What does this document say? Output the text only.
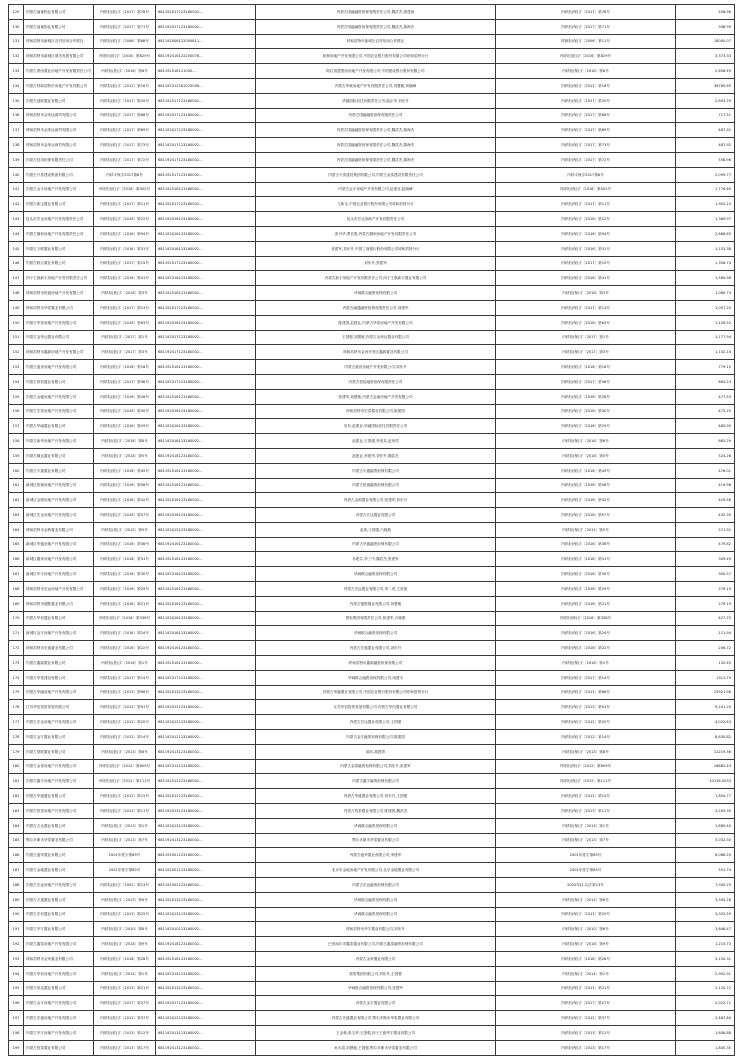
129	内蒙古福巢物业有限公司	内呼担(抵)字〔2017〕第78号	681192017123180002...	内蒙古国融融资担保有限责任公司,魏武杰,黄建涛	内呼担(保)字〔2017〕第78号	558.96
130	内蒙古福巢物业有限公司	内呼担(抵)字〔2017〕第71号	681192017123180002...	内蒙古国融融资担保有限责任公司,魏武杰,陈海杰	内呼担(保)字〔2017〕第71号	398.99
131	呼和浩特市新城区农村信用合作联社	内呼担(抵)字〔2006〕第88号	681192006122000811...	呼和浩特市新城区农村信用合作联社	呼商担(保)字〔2006〕第11号	18000.07
132	呼和浩特市新城区城市发展有限公司	内呼担(抵)字〔2016〕第829号	681192016122200076...	乾坤房地产开发有限公司,中国农业银行股份有限公司呼和浩特分行	内呼担(抵)字〔2016〕第829号	3,373.33
133	内蒙古蒙西置业房地产开发有限责任公司	内呼担(抵)字〔2018〕第8号	681192018121000...	阿拉善盟蒙西房地产开发有限公司,中国建设银行股份有限公司	内呼担(保)字〔2018〕第8号	2,656.49
134	内蒙古呼和浩特市房地产开发有限公司	内呼担(抵)字〔2012〕第16号	681192012181070008...	内蒙古华威房地产开发有限责任公司,刘慧敏,刘晓峰	内呼担(保)字〔2012〕第16号	36765.65
135	内蒙古创联置业有限公司	内呼担(抵)字〔2017〕第20号	681192017123180002...	华融国际信托有限责任公司,陆正华,刘东升	内呼担(保)字〔2017〕第20号	2,803.29
136	呼和浩特市金荣达商贸有限公司	内呼担(抵)字〔2017〕第68号	681192017123180002...	内蒙古国融融资担保有限责任公司	内呼担(保)字〔2017〕第68号	717.51
137	呼和浩特市金荣达商贸有限公司	内呼担(抵)字〔2017〕第69号	681192017123180002...	内蒙古国融融资担保有限责任公司,魏武杰,陈海杰	内呼担(保)字〔2017〕第69号	487.92
138	呼和浩特市金荣达商贸有限公司	内呼担(抵)字〔2017〕第73号	681192017123180002...	内蒙古国融融资担保有限责任公司,魏武杰,陈海杰	内呼担(保)字〔2017〕第73号	487.92
139	内蒙古信用担保有限责任公司	内呼担(抵)字〔2017〕第72号	681192017123180002...	内蒙古国融融资担保有限责任公司,魏武杰,陈海杰	内呼担(保)字〔2017〕第72号	558.96
140	内蒙古兴泰建设集团有限公司	内呼丰保字2017第8号	681192017123180002...	内蒙古兴泰建设集团有限公司,内蒙古金泰建设有限责任公司	内呼丰保字2017第8号	2,099.77
141	内蒙古金宇房地产开发有限公司	内呼担(抵)字〔2018〕第002号	681192018123180002...	内蒙古金宇房地产开发有限公司,赵建业,赵晓峰	内呼担(保)字〔2018〕第002号	1,776.65
142	内蒙古新宝置业有限公司	内呼担(抵)字〔2017〕第11号	681192017123180002...	王新宝,中国农业银行股份有限公司呼和浩特分行	内呼担(保)字〔2017〕第11号	1,902.15
143	包头市宏达房地产开发有限责任公司	内呼担(抵)字〔2016〕第22号	681192016123180002...	包头市宏达房地产开发有限责任公司	内呼担(保)字〔2016〕第22号	1,389.97
144	内蒙古顺和房地产开发有限责任公司	内呼担(抵)字〔2016〕第94号	681192016123180002...	张丹华,贾长胜,内蒙古顺和房地产开发有限责任公司	内呼担(保)字〔2016〕第94号	2,666.65
145	内蒙古万联置业有限公司	内呼担(抵)字〔2016〕第31号	681192016123180002...	张建军,刘东升,中国工商银行股份有限公司呼和浩特分行	内呼担(保)字〔2016〕第31号	1,153.38
146	内蒙古联合置业有限公司	内呼担(抵)字〔2017〕第15号	681192017123180002...	刘东升,张建军	内呼担(保)字〔2017〕第15号	1,356.74
147	四子王旗新宇房地产开发有限责任公司	内呼担(抵)字〔2016〕第41号	681192016123180002...	内蒙古新宇房地产开发有限责任公司,四子王旗新宇置业有限公司	内呼担(保)字〔2016〕第41号	1,560.98
148	呼和浩特市恒盛房地产开发有限公司	内呼担(抵)字〔2018〕第3号	681192018123180002...	华诚联合融资担保有限公司	内呼担(保)字〔2018〕第3号	1,089.74
149	呼和浩特市华泰置业有限公司	内呼担(抵)字〔2017〕第13号	681192017123180002...	内蒙古融通融资担保有限责任公司,刘建华	内呼担(保)字〔2017〕第13号	1,057.20
150	内蒙古华泰房地产开发有限公司	内呼担(抵)字〔2016〕第63号	681192016123180002...	陈建国,赵建业,内蒙古华泰房地产开发有限公司	内呼担(保)字〔2016〕第63号	1,156.52
151	内蒙古金荣达置业有限公司	内呼担(抵)字〔2017〕第1号	681192017123180002...	王国强,刘慧敏,内蒙古金荣达置业有限公司	内呼担(保)字〔2017〕第1号	1,177.94
152	呼和浩特市鑫源房地产开发有限公司	内呼担(抵)字〔2017〕第3号	681192017123180002...	呼和浩特市金河开发区鑫源置业有限公司	内呼担(保)字〔2017〕第3号	1,132.14
153	内蒙古盛世房地产开发有限公司	内呼担(抵)字〔2016〕第18号	681192016123180002...	内蒙古盛世房地产开发有限公司,刘东升	内呼担(保)字〔2016〕第18号	779.15
154	内蒙古恒信置业有限公司	内呼担(抵)字〔2017〕第36号	681192017123180002...	内蒙古恒信融资担保有限责任公司	内呼担(保)字〔2017〕第36号	663.23
155	内蒙古金地房地产开发有限公司	内呼担(抵)字〔2016〕第28号	681192016123180002...	张建军,刘慧敏,内蒙古金地房地产开发有限公司	内呼担(保)字〔2016〕第28号	477.53
156	内蒙古宏泰房地产开发有限公司	内呼担(抵)字〔2016〕第30号	681192016123180002...	呼和浩特市宏泰置业有限公司,陈建国	内呼担(保)字〔2016〕第30号	473.25
157	内蒙古华融置业有限公司	内呼担(抵)字〔2016〕第29号	681192016123180002...	吴东,赵建业,华融国际信托有限责任公司	内呼担(保)字〔2016〕第29号	485.95
158	内蒙古新华房地产开发有限公司	内呼担(抵)字〔2016〕第8号	681192016123180002...	赵建业,王国强,李美英,赵贵奖	内呼担(保)字〔2016〕第8号	665.29
159	内蒙古顺达置业有限公司	内呼担(抵)字〔2018〕第5号	681192018123180002...	赵建业,李建华,刘东升,魏武杰	内呼担(保)字〔2018〕第5号	524.26
160	内蒙古宇通置业有限公司	内呼担(抵)字〔2016〕第49号	681192016123180002...	内蒙古宇通融资担保有限公司	内呼担(保)字〔2016〕第49号	476.01
161	新城区恒瑞房地产开发有限公司	内呼担(抵)字〔2016〕第58号	681192016123180002...	内蒙古恒瑞融资担保有限公司	内呼担(保)字〔2016〕第58号	419.98
162	新城区金源房地产开发有限公司	内呼担(抵)字〔2016〕第42号	681192016123180002...	内蒙古金源置业有限公司,张建军,刘东升	内呼担(保)字〔2016〕第42号	419.58
163	新城区宏达房地产开发有限公司	内呼担(抵)字〔2016〕第57号	681192016123180002...	内蒙古宏达置业有限公司	内呼担(保)字〔2016〕第57号	432.35
164	呼和浩特市金桥置业有限公司	内呼担(抵)字〔2015〕第5号	681192015123180002...	赵贵,王国强,白晓燕	内呼担(保)字〔2015〕第5号	571.92
165	新城区华盛房地产开发有限公司	内呼担(抵)字〔2016〕第36号	681192016123180002...	内蒙古华盛融资担保有限公司	内呼担(保)字〔2016〕第36号	479.82
166	新城区鑫荣房地产开发有限公司	内呼担(抵)字〔2018〕第31号	681192018123180002...	乔建芬,李三中,魏武杰,张建军	内呼担(保)字〔2018〕第31号	309.49
167	新城区华宇房地产开发有限公司	内呼担(抵)字〔2016〕第30号	681192016123180002...	华诚联合融资担保有限公司	内呼担(保)字〔2016〕第30号	300.57
168	呼和浩特市宏远房地产开发有限公司	内呼担(抵)字〔2016〕第29号	681192016123180002...	内蒙古宏远置业有限公司,李二虎,王爱莲	内呼担(保)字〔2016〕第29号	279.19
169	呼和浩特市德胜置业有限公司	内呼担(抵)字〔2016〕第21号	681192016123180002...	内蒙古德胜置业有限公司,刘慧敏	内呼担(保)字〔2016〕第21号	279.19
170	内蒙古华信置业有限公司	内呼担(抵)字〔2016〕第338号	681192016123180002...	蒙电集团有限责任公司,张建军,白晓燕	内呼担(保)字〔2016〕第338号	427.75
171	新城区金宇房地产开发有限公司	内呼担(抵)字〔2016〕第24号	681192016123180002...	华诚联合融资担保有限公司	内呼担(保)字〔2016〕第24号	111.94
172	呼和浩特市宏盛置业有限公司	内呼担(抵)字〔2016〕第22号	681192016123180002...	内蒙古宏盛置业有限公司,刘东升	内呼担(保)字〔2016〕第22号	206.72
173	内蒙古鑫源置业有限公司	内呼担(抵)字〔2016〕第1号	681192016123180002...	呼和浩特市鑫源融资担保有限公司	内呼担(保)字〔2016〕第1号	132.45
174	内蒙古华泰建设有限公司	内呼担(抵)字〔2017〕第14号	681192017123180002...	华诚联合融资担保有限公司,周建平	内呼担(保)字〔2017〕第14号	1311.70
175	内蒙古华融房地产开发有限公司	内呼担(抵)字〔2013〕第66号	681192013123180002...	内蒙古华融置业有限公司,中国农业银行股份有限公司呼和浩特分行	内呼担(保)字〔2013〕第66号	23921.98
176	江苏华信投资发展有限公司	内呼担(抵)字〔2012〕第91号	681192012123180002...	江苏华信投资发展有限公司,内蒙古华信置业有限公司	内呼担(保)字〔2012〕第91号	9,241.20
177	内蒙古宏达房地产开发有限公司	内呼担(抵)字〔2012〕第20号	681192012123180002...	内蒙古宏达置业有限公司,王国强	内呼担(保)字〔2012〕第20号	4,022.43
178	内蒙古金宇置业有限公司	内呼担(抵)字〔2012〕第14号	681192012123180002...	内蒙古金宇融资担保有限公司,陈建国	内呼担(保)字〔2012〕第14号	8,630.82
179	内蒙古蒙联置业有限公司	内呼担(抵)字〔2013〕第8号	681192013123180002...	那布,胡建青	内呼担(保)字〔2013〕第8号	12219.36
180	内蒙古金泰房地产开发有限公司	内呼担(抵)字〔2012〕第609号	681192012123180002...	内蒙古金泰融资担保有限公司,刘东升,张建军	内呼担(保)字〔2012〕第609号	18682.43
181	内蒙古鑫宇房地产开发有限公司	内呼担(抵)字〔2012〕第111号	681192012123180002...	内蒙古鑫宇融资担保有限公司	内呼担(保)字〔2012〕第111号	10126.5033
182	内蒙古华盛置业有限公司	内呼担(抵)字〔2012〕第15号	681192012123180002...	内蒙古华盛置业有限公司,刘东升,王国强	内呼担(保)字〔2012〕第15号	1,854.77
183	内蒙古恒泰房地产开发有限公司	内呼担(抵)字〔2013〕第11号	681192013123180002...	内蒙古恒泰置业有限公司,陈建国,魏武杰	内呼担(保)字〔2013〕第11号	3,205.35
184	内蒙古万达置业有限公司	内呼担(抵)字〔2013〕第1号	681192013123180002...	华诚联合融资担保有限公司	内呼担(保)字〔2013〕第1号	1,689.40
185	鄂尔多斯市华泰置业有限公司	内呼担(抵)字〔2013〕第7号	681192013123180002...	鄂尔多斯市华泰置业有限公司	内呼担(保)字〔2013〕第7号	5,032.30
186	内蒙古盛华置业有限公司	2001年度字第65号	681192001123180002...	内蒙古盛华置业有限公司,李建华	2001年度字第65号	6,086.20
187	内蒙古金地置业有限公司	2001年度字第85号	681192001123180002...	北京市金地房地产开发有限公司,北京金地置业有限公司	2001年度字第85号	591.74
188	内蒙古宏远房地产开发有限公司	内呼担(抵)字〔2002〕第13号	681192002123180002...	内蒙古宏远融资担保有限公司	2002年[2-2]字第13号	7,945.25
189	内蒙古万通置业有限公司	内呼担(抵)字〔2013〕第6号	681192013123180002...	华诚联合融资担保有限公司	内呼担(保)字〔2013〕第6号	3,945.28
190	内蒙古宏信置业有限公司	内呼担(抵)字〔2013〕第25号	681192013123180002...	华诚联合融资担保有限公司	内呼担(保)字〔2013〕第25号	3,925.59
191	内蒙古华宇置业有限公司	内呼担(抵)字〔2010〕第8号	681192010123180002...	呼和浩特市华宇置业有限公司,刘东升	内呼担(保)字〔2010〕第8号	3,646.47
192	内蒙古鑫泰房地产开发有限公司	内呼担(抵)字〔2018〕第9号	681192018123180002...	巴彦淖尔市鑫泰置业有限公司,内蒙古鑫泰融资担保有限公司	内呼担(保)字〔2018〕第9号	1,210.73
193	呼和浩特市金荣置业有限公司	内呼担(抵)字〔2018〕第28号	681192018123180002...	内蒙古金荣置业有限公司	内呼担(保)字〔2018〕第28号	3,150.31
194	内蒙古华信房地产开发有限公司	内呼担(抵)字〔2014〕第1号	681192014123180002...	蒙泰集团有限公司,刘东升,王国强	内呼担(保)字〔2014〕第1号	2,902.91
195	内蒙古恒达置业有限公司	内呼担(抵)字〔2013〕第21号	681192013123180002...	华诚联合融资担保有限公司,张建军	内呼担(保)字〔2013〕第21号	2,120.72
196	内蒙古金宇房地产开发有限公司	内呼担(抵)字〔2017〕第27号	681192017123180002...	内蒙古金宇置业有限公司	内呼担(保)字〔2017〕第27号	2,022.71
197	内蒙古宏盛房地产开发有限公司	内呼担(抵)字〔2012〕第37号	681192012123180002...	内蒙古宏盛置业有限公司,鄂尔多斯市华泰置业有限公司	内呼担(保)字〔2012〕第37号	2,467.80
198	内蒙古华宇房地产开发有限公司	内呼担(抵)字〔2013〕第12号	681192013123180002...	王金林,张文华,王国强,四子王旗华宇置业有限公司	内呼担(保)字〔2013〕第12号	1,806.88
199	内蒙古恒泰置业有限公司	内呼担(抵)字〔2013〕第17号	681192013123180002...	孙永清,刘慧敏,王国强,鄂尔多斯市华泰置业有限公司	内呼担(保)字〔2013〕第17号	1,845.35
